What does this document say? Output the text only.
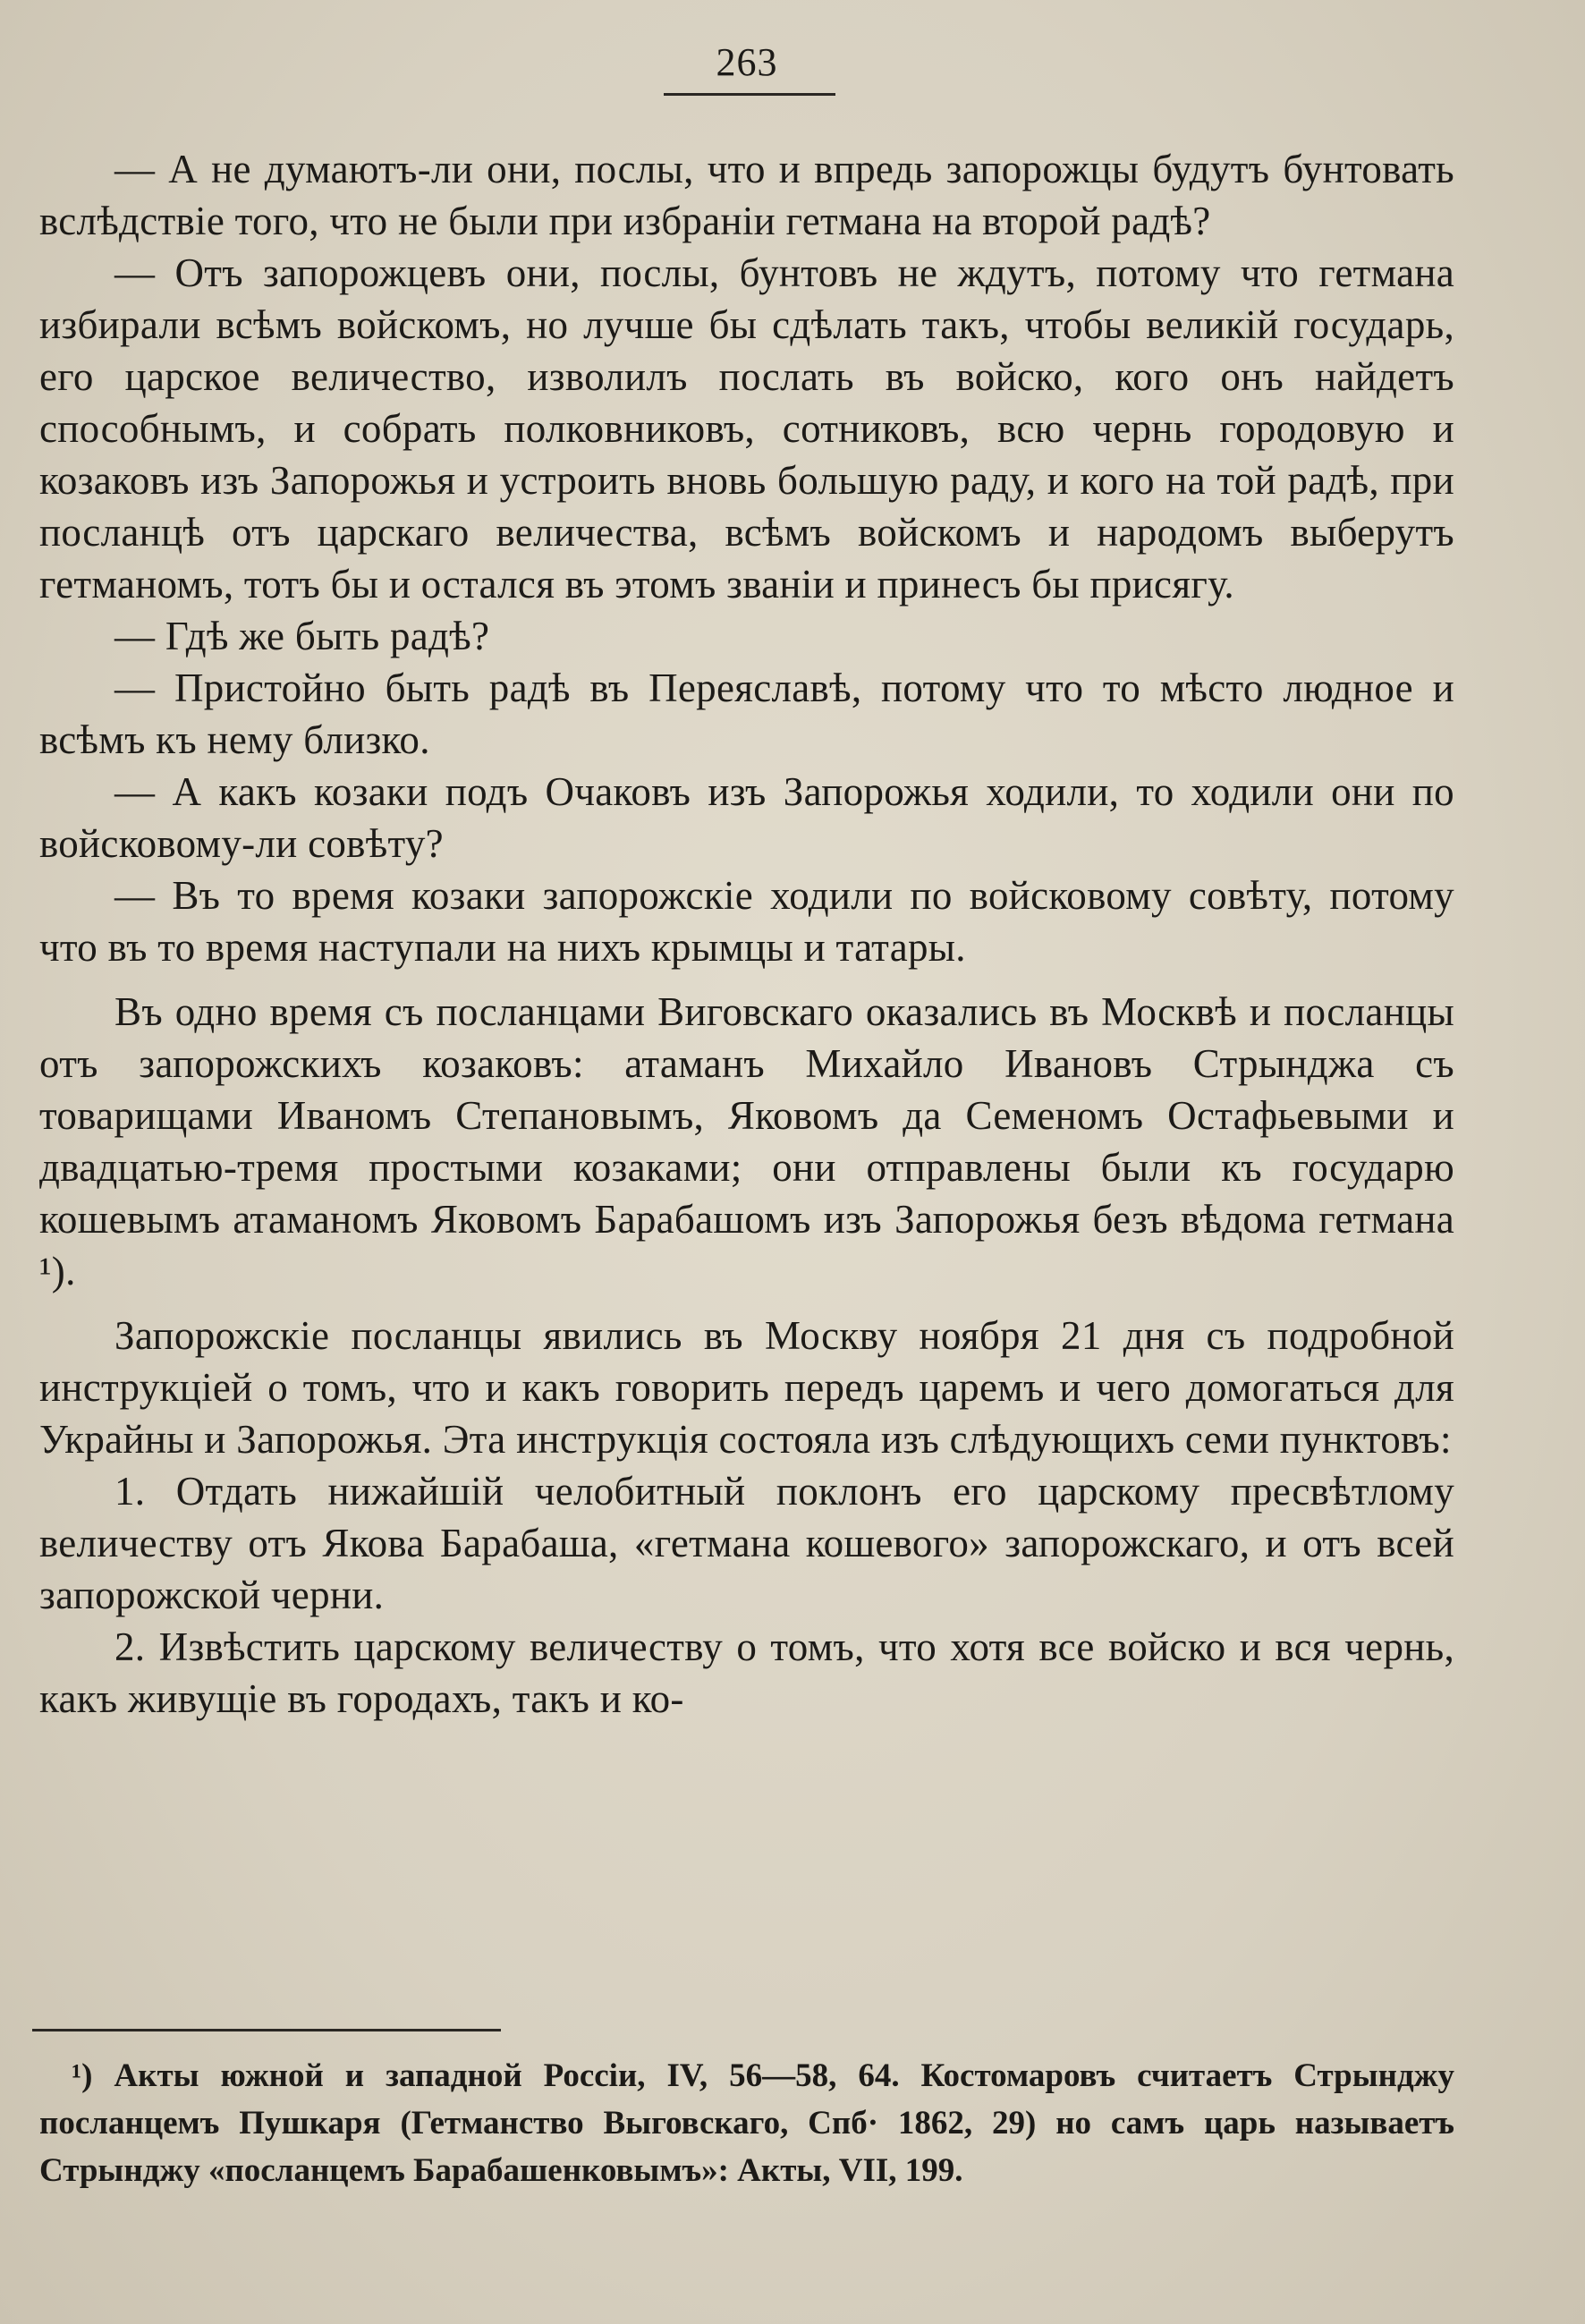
263

— А не думаютъ-ли они, послы, что и впредь запорожцы будутъ бунтовать вслѣдствіе того, что не были при избраніи гетмана на второй радѣ?

— Отъ запорожцевъ они, послы, бунтовъ не ждутъ, потому что гетмана избирали всѣмъ войскомъ, но лучше бы сдѣлать такъ, чтобы великій государь, его царское величество, изволилъ послать въ войско, кого онъ найдетъ способнымъ, и собрать полковниковъ, сотниковъ, всю чернь городовую и козаковъ изъ Запорожья и устроить вновь большую раду, и кого на той радѣ, при посланцѣ отъ царскаго величества, всѣмъ войскомъ и народомъ выберутъ гетманомъ, тотъ бы и остался въ этомъ званіи и принесъ бы присягу.

— Гдѣ же быть радѣ?

— Пристойно быть радѣ въ Переяславѣ, потому что то мѣсто людное и всѣмъ къ нему близко.

— А какъ козаки подъ Очаковъ изъ Запорожья ходили, то ходили они по войсковому-ли совѣту?

— Въ то время козаки запорожскіе ходили по войсковому совѣту, потому что въ то время наступали на нихъ крымцы и татары.

Въ одно время съ посланцами Виговскаго оказались въ Москвѣ и посланцы отъ запорожскихъ козаковъ: атаманъ Михайло Ивановъ Стрынджа съ товарищами Иваномъ Степановымъ, Яковомъ да Семеномъ Остафьевыми и двадцатью-тремя простыми козаками; они отправлены были къ государю кошевымъ атаманомъ Яковомъ Барабашомъ изъ Запорожья безъ вѣдома гетмана ¹).

Запорожскіе посланцы явились въ Москву ноября 21 дня съ подробной инструкціей о томъ, что и какъ говорить передъ царемъ и чего домогаться для Украйны и Запорожья. Эта инструкція состояла изъ слѣдующихъ семи пунктовъ:

1. Отдать нижайшій челобитный поклонъ его царскому пресвѣтлому величеству отъ Якова Барабаша, «гетмана кошевого» запорожскаго, и отъ всей запорожской черни.

2. Извѣстить царскому величеству о томъ, что хотя все войско и вся чернь, какъ живущіе въ городахъ, такъ и ко-

¹) Акты южной и западной Россіи, IV, 56—58, 64. Костомаровъ считаетъ Стрынджу посланцемъ Пушкаря (Гетманство Выговскаго, Спб· 1862, 29) но самъ царь называетъ Стрынджу «посланцемъ Барабашенковымъ»: Акты, VII, 199.
